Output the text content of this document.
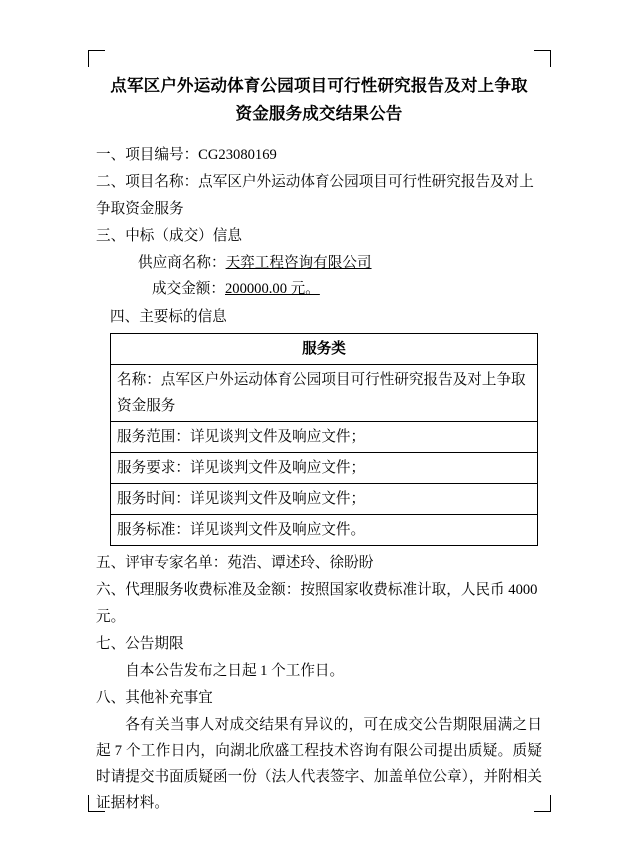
点军区户外运动体育公园项目可行性研究报告及对上争取
资金服务成交结果公告

一、项目编号：CG23080169

二、项目名称：点军区户外运动体育公园项目可行性研究报告及对上

争取资金服务

三、中标（成交）信息

供应商名称：天弈工程咨询有限公司

成交金额：200000.00 元。

四、主要标的信息

服务类
名称：点军区户外运动体育公园项目可行性研究报告及对上争取资金服务
服务范围：详见谈判文件及响应文件；
服务要求：详见谈判文件及响应文件；
服务时间：详见谈判文件及响应文件；
服务标准：详见谈判文件及响应文件。

五、评审专家名单：苑浩、谭述玲、徐盼盼

六、代理服务收费标准及金额：按照国家收费标准计取，人民币 4000

元。

七、公告期限

自本公告发布之日起 1 个工作日。

八、其他补充事宜

各有关当事人对成交结果有异议的，可在成交公告期限届满之日起 7 个工作日内，向湖北欣盛工程技术咨询有限公司提出质疑。质疑时请提交书面质疑函一份（法人代表签字、加盖单位公章），并附相关证据材料。
